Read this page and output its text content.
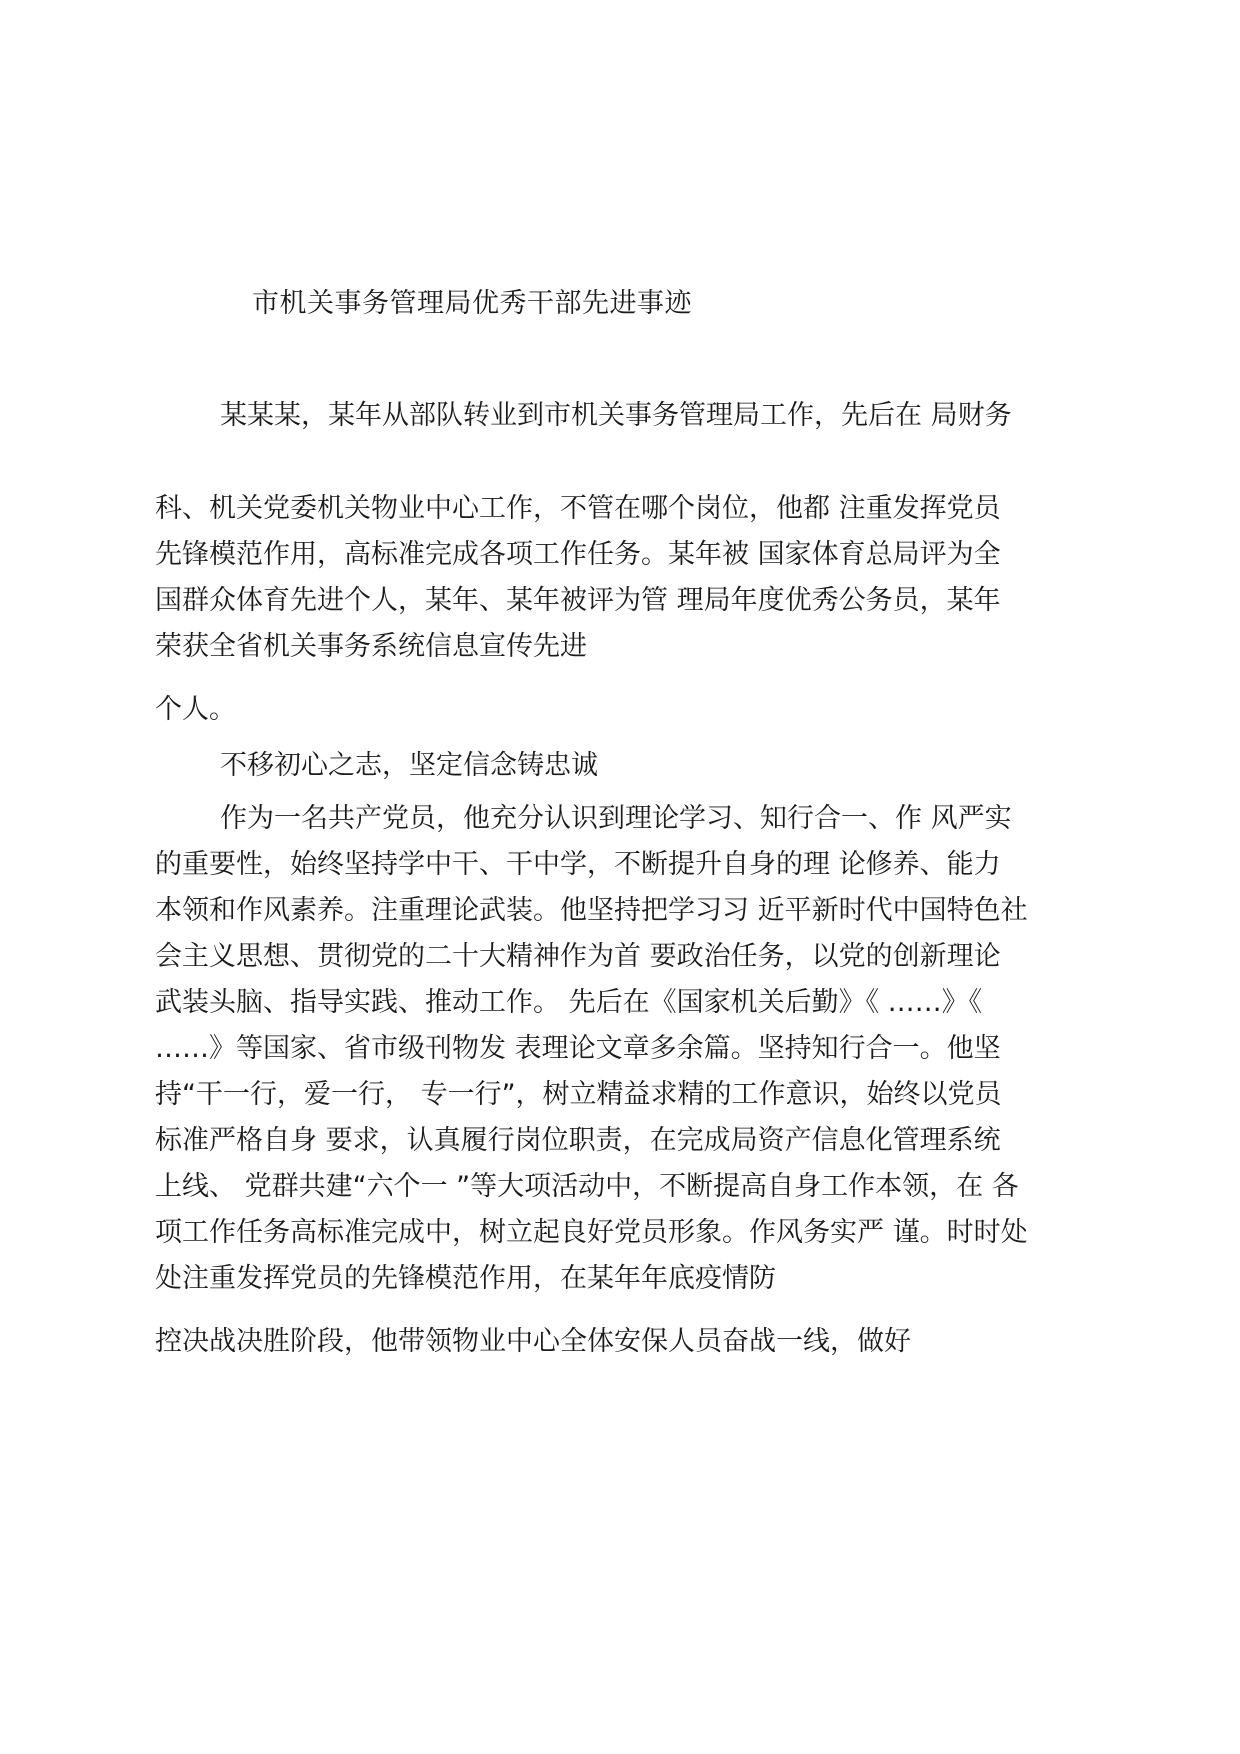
市机关事务管理局优秀干部先进事迹
某某某，某年从部队转业到市机关事务管理局工作，先后在 局财务
科、机关党委机关物业中心工作，不管在哪个岗位，他都 注重发挥党员
先锋模范作用，高标准完成各项工作任务。某年被 国家体育总局评为全
国群众体育先进个人，某年、某年被评为管 理局年度优秀公务员，某年
荣获全省机关事务系统信息宣传先进
个人。
不移初心之志，坚定信念铸忠诚
作为一名共产党员，他充分认识到理论学习、知行合一、作 风严实
的重要性，始终坚持学中干、干中学，不断提升自身的理 论修养、能力
本领和作风素养。注重理论武装。他坚持把学习习 近平新时代中国特色社
会主义思想、贯彻党的二十大精神作为首 要政治任务，以党的创新理论
武装头脑、指导实践、推动工作。 先后在《国家机关后勤》《 ……》《
……》等国家、省市级刊物发 表理论文章多余篇。坚持知行合一。他坚
持“干一行，爱一行， 专一行”，树立精益求精的工作意识，始终以党员
标准严格自身 要求，认真履行岗位职责，在完成局资产信息化管理系统
上线、 党群共建“六个一 ”等大项活动中，不断提高自身工作本领，在 各
项工作任务高标准完成中，树立起良好党员形象。作风务实严 谨。时时处
处注重发挥党员的先锋模范作用，在某年年底疫情防
控决战决胜阶段，他带领物业中心全体安保人员奋战一线，做好
